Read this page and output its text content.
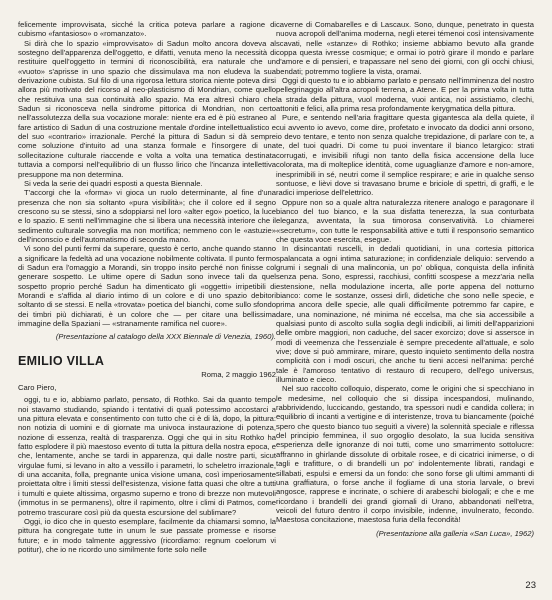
felicemente improvvisata, sicché la critica poteva parlare a ragione di cubismo «fantasioso» o «romanzato».

Si dirà che lo spazio «improvvisato» di Sadun molto ancora doveva al sostegno dell'apparenza dell'oggetto, e difatti, venuta meno la necessità di restituire quell'oggetto in termini di riconoscibilità, era naturale che un «vuoto» s'aprisse in uno spazio che dissimulava ma non eludeva la sua derivazione cubista. Sul filo di una rigorosa lettura storica niente poteva dirsi allora più motivato del ricorso al neo-plasticismo di Mondrian, come quello che restituiva una sua continuità allo spazio. Ma era altresì chiaro che Sadun si riconosceva nella sindrome pittorica di Mondrian, non certo nell'assolutezza della sua vocazione morale: niente era ed è più estraneo al fare artistico di Sadun di una costruzione mentale d'ordine intellettualistico e del suo «contrario» irrazionale. Perché la pittura di Sadun si dà sempre come soluzione d'intuito ad una stanza formale e l'insorgere di una sollecitazione culturale riaccende e volta a volta una tematica destinata tuttavia a comporsi nell'equilibrio di un flusso lirico che l'incanza intellettiva presuppone ma non determina.

Si veda la serie dei quadri esposti a questa Biennale.

T'accorgi che la «forma» vi gioca un ruolo determinante, al fine d'una presenza che non sia soltanto «pura visibilità»; che il colore ed il segno crescono su se stessi, sino a sdoppiarsi nel loro «alter ego» poetico, la luce e lo spazio. E senti nell'immagine che si libera una necessità interiore che il sedimento culturale sorveglia ma non mortifica; nemmeno con le «astuzie» dell'inconscio e dell'automatismo di seconda mano.

Vi sono del punti fermi da superare, questo è certo, anche quando stanno a significare la fedeltà ad una vocazione nobilmente coltivata. Il punto fermo di Sadun era l'omaggio a Morandi, sin troppo insito perché non finisse col generare sospetto. Le ultime opere di Sadun sono invece tali da quel sospetto proprio perché Sadun ha dimenticato gli «oggetti» irripetibili di Morandi e s'affida al diario intimo di un colore e di uno spazio debitori soltanto di se stessi. E nella «trovata» poetica del bianchi, come sullo sfondo dei timbri più dichiarati, è un colore che — per citare una bellissima immagine della Spaziani — «stranamente ramifica nel cuore».

(Presentazione al catalogo della XXX Biennale di Venezia, 1960).

EMILIO VILLA

Roma, 2 maggio 1962

Caro Piero,

oggi, tu e io, abbiamo parlato, pensato, di Rothko. Sai da quanto tempo noi stavamo studiando, spiando i tentativi di quali potessimo accostarci a una pittura elevata e consentimento con tutto che ci è di là, dopo, la pittura: non notizia di uomini e di giornate ma univoca instaurazione di potenza, nozione di essenza, realtà di trasparenza. Oggi che qui in situ Rothko ha fatto esplodere il più maestoso evento di tutta la pittura della nostra epoca, e che, lentamente, anche se tardi in apparenza, qui dalle nostre parti, sicut virgulae fumi, si levano in alto a vessillo i parametri, lo scheletro irrazionale, di una accanita, folla, pregnante unica visione umana, così imperiosamente proiettata oltre i limiti stessi dell'esistenza, visione fatta quasi che oltre a tutti i tumulti e quiete altissima, orgasmo superno e trono di brezze non mutevoli (immotus in se permanens), oltre il rapimento, oltre i climi di Patmos, come potremo trascurare così più da questa escursione del sublimare?

Oggi, io dico che in questo esemplare, facilmente da chiamarsi somno, la pittura ha congregate tutte in unum le sue passate promesse e risorse future; e in modo talmente aggressivo (ricordiamo: regnum coelorum vi potitur), che io ne ricordo uno similmente forte solo nelle

caverne di Comabarelles e di Lascaux. Sono, dunque, penetrato in questa nuova acropoli dell'anima moderna, negli eterei témenoi così intensivamente scavati, nelle «stanze» di Rothko; insieme abbiamo bevuto alla grande coppa questa ivresse cosmique; e ormai io potrò girare il mondo e parlare d'amore e di pensieri, e trapassare nel seno dei giorni, con gli occhi chiusi, bendati; potremmo togliere la vista, oramai.

Oggi di questo tu e io abbiamo parlato e pensato nell'imminenza del nostro pellegrinaggio all'altra acropoli terrena, a Atene. E per la prima volta in tutta la strada della pittura, vuol moderna, vuoi antica, noi assistiamo, cîechi, attoniti e felici, alla prima resa profondamente kerygmatica della pittura.

Pure, e sentendo nell'aria fragittare questa gigantesca ala della quiete, il cui avvento io avevo, come dire, profetato e invocato da dodici anni orsono, io devo tentare, e tento non senza qualche trepidazione, di parlare con te, a te, del tuoi quadri. Di come tu puoi inventare il bianco letargico: strati corrugati, e invisibili rifugi non tanto della fisica accensione della luce colorata, ma di molteplice identità, come uguaglianze d'amore e non-amore, inesprimibili in sé, neutri come il semplice respirare; e arie in qualche senso sontuose, e lièvi dove si travasano brume e briciole di spettri, di graffi, e le radici imperiose dell'elettrico.

Oppure non so a quale altra naturalezza ritenere analogo e paragonare il bianco del tuo bianco, e la sua disfatta tenerezza, la sua conturbata eleganza, avventata, la sua timorosa conservatività. Lo chiamerei «secretum», con tutte le responsabilità attive e tutti il responsorio semantico che questa voce esercita, esegue.

In disincantati ruscelli, in dedali quotidiani, in una cortesia pittorica spalancata a ogni intima saturazione; in confidenziale deliquio: servendo a grumi i segnali di una malinconia, un po' obliqua, conquista della infinità senza pena. Sono, espressi, racchiusi, confitti scospese a mezz'aria nella estensione, nella modulazione incerta, alle porte appena del notturno bianco: come le sostanze, ossesi dirlì, didetiche che sono nelle specie, e prima ancora delle specie, alle quali difficilmente potremmo far capire, e dare, una nominazione, né minima né eccelsa, ma che sia accessibile a qualsiasi punto di ascolto sulla soglia degli indicibili, ai limiti dell'apparizioni delle ombre maggiori, non caduche, del sacer exorcizo; dove si assersce in modi di veemenza che l'essenziale è sempre precedente all'attuale, e solo vive; dove si può ammirare, mirare, questo inquieto sentimento della nostra complicità con i modi oscuri, che anche tu tieni accesi nell'anima: perché tale è l'amoroso tentativo di restauro di recupero, dell'ego universus, illuminato e cieco.

Nel suo raccolto colloquio, disperato, come le origini che si specchiano in le medesime, nel colloquio che si dissipa incespandosi, mulinando, rabbrividendo, luccicando, gestando, tra spessori nudi e candida collera; in equilibrio di incanti a vertigine e di interistenze, trova tu biancamente (poiché spero che questo bianco tuo seguitì a vivere) la solennità speciale e riflessa del principio femminea, il suo orgoglio desolato, la sua lucida sensitiva esperienza delle ignoranze di noi tutti, come uno smarrimento sottolucre: affranno in ghirlande dissolute di orbitale rosee, e di cicatrici inimerse, o di tagli e trafitture, o di brandelli un po' indolentemente librati, randagi e sillabati, espulsi e emersi da un fondo: che sono forse gli ultimi ammanti di una graffiatura, o forse anche il fogliame di una storia larvale, o brevi angosce, rapprese e incrinate, o schiere di arabeschi biologali; e che e me ricordano i brandelli dei grandi giornali di Urano, abbandonati nell'etra, veicoli del futuro dentro il corpo invisibile, indenne, invulnerato, fecondo. Maestosa concitazione, maestosa furia della fecondità!

(Presentazione alla galleria «San Luca», 1962)

23
